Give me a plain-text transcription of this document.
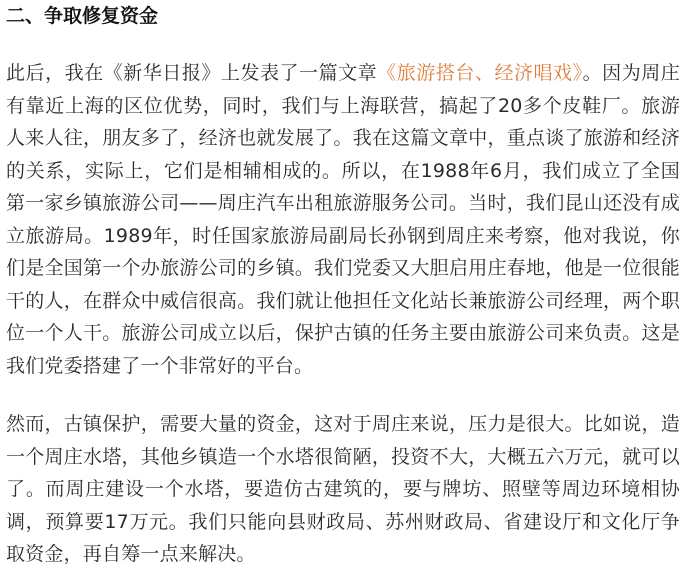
二、争取修复资金

此后，我在《新华日报》上发表了一篇文章《旅游搭台、经济唱戏》。因为周庄有靠近上海的区位优势，同时，我们与上海联营，搞起了20多个皮鞋厂。旅游人来人往，朋友多了，经济也就发展了。我在这篇文章中，重点谈了旅游和经济的关系，实际上，它们是相辅相成的。所以，在1988年6月，我们成立了全国第一家乡镇旅游公司——周庄汽车出租旅游服务公司。当时，我们昆山还没有成立旅游局。1989年，时任国家旅游局副局长孙钢到周庄来考察，他对我说，你们是全国第一个办旅游公司的乡镇。我们党委又大胆启用庄春地，他是一位很能干的人，在群众中威信很高。我们就让他担任文化站长兼旅游公司经理，两个职位一个人干。旅游公司成立以后，保护古镇的任务主要由旅游公司来负责。这是我们党委搭建了一个非常好的平台。

然而，古镇保护，需要大量的资金，这对于周庄来说，压力是很大。比如说，造一个周庄水塔，其他乡镇造一个水塔很简陋，投资不大，大概五六万元，就可以了。而周庄建设一个水塔，要造仿古建筑的，要与牌坊、照壁等周边环境相协调，预算要17万元。我们只能向县财政局、苏州财政局、省建设厅和文化厅争取资金，再自筹一点来解决。
